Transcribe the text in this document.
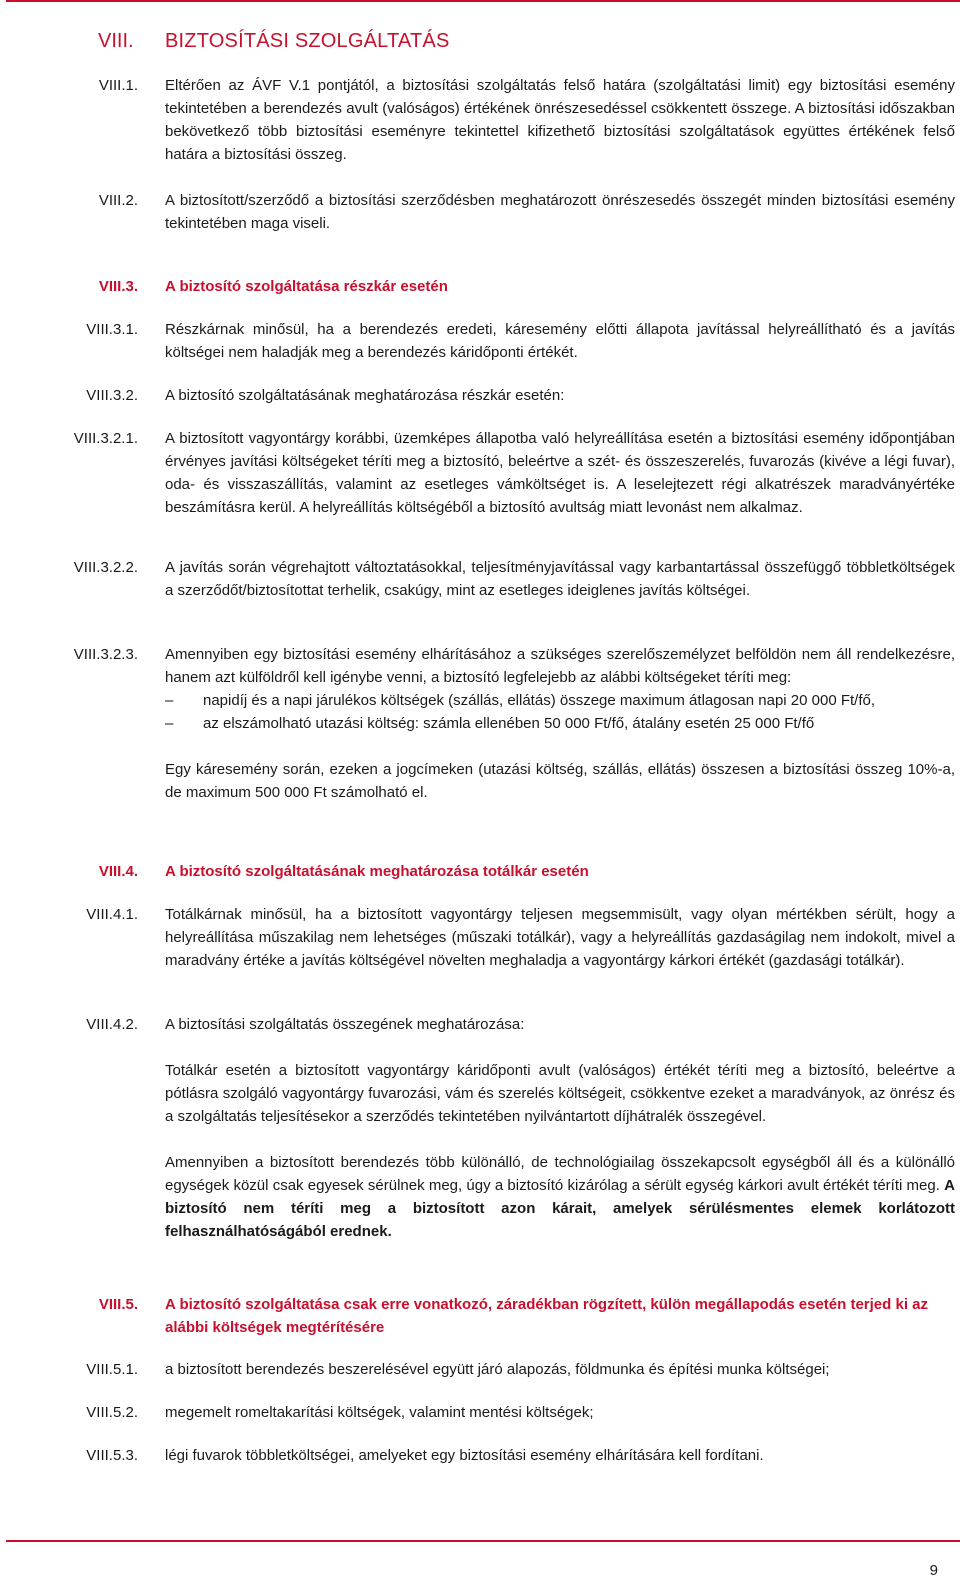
VIII. BIZTOSÍTÁSI SZOLGÁLTATÁS
VIII.1. Eltérően az ÁVF V.1 pontjától, a biztosítási szolgáltatás felső határa (szolgáltatási limit) egy biztosítási esemény tekintetében a berendezés avult (valóságos) értékének önrészesedéssel csökkentett összege. A biztosítási időszakban bekövetkező több biztosítási eseményre tekintettel kifizethető biztosítási szolgáltatások együttes értékének felső határa a biztosítási összeg.
VIII.2. A biztosított/szerződő a biztosítási szerződésben meghatározott önrészesedés összegét minden biztosítási esemény tekintetében maga viseli.
VIII.3. A biztosító szolgáltatása részkár esetén
VIII.3.1. Részkárnak minősül, ha a berendezés eredeti, káresemény előtti állapota javítással helyreállítható és a javítás költségei nem haladják meg a berendezés káridőponti értékét.
VIII.3.2. A biztosító szolgáltatásának meghatározása részkár esetén:
VIII.3.2.1. A biztosított vagyontárgy korábbi, üzemképes állapotba való helyreállítása esetén a biztosítási esemény időpontjában érvényes javítási költségeket téríti meg a biztosító, beleértve a szét- és összeszerelés, fuvarozás (kivéve a légi fuvar), oda- és visszaszállítás, valamint az esetleges vámköltséget is. A leselejtezett régi alkatrészek maradványértéke beszámításra kerül. A helyreállítás költségéből a biztosító avultság miatt levonást nem alkalmaz.
VIII.3.2.2. A javítás során végrehajtott változtatásokkal, teljesítményjavítással vagy karbantartással összefüggő többletköltségek a szerződőt/biztosítottat terhelik, csakúgy, mint az esetleges ideiglenes javítás költségei.
VIII.3.2.3. Amennyiben egy biztosítási esemény elhárításához a szükséges szerelőszemélyzet belföldön nem áll rendelkezésre, hanem azt külföldről kell igénybe venni, a biztosító legfelejebb az alábbi költségeket téríti meg:

–	napidíj és a napi járulékos költségek (szállás, ellátás) összege maximum átlagosan napi 20 000 Ft/fő,
–	az elszámolható utazási költség: számla ellenében 50 000 Ft/fő, átalány esetén 25 000 Ft/fő

Egy káresemény során, ezeken a jogcímeken (utazási költség, szállás, ellátás) összesen a biztosítási összeg 10%-a, de maximum 500 000 Ft számolható el.

VIII.4. A biztosító szolgáltatásának meghatározása totálkár esetén
VIII.4.1. Totálkárnak minősül, ha a biztosított vagyontárgy teljesen megsemmisült, vagy olyan mértékben sérült, hogy a helyreállítása műszakilag nem lehetséges (műszaki totálkár), vagy a helyreállítás gazdaságilag nem indokolt, mivel a maradvány értéke a javítás költségével növelten meghaladja a vagyontárgy kárkori értékét (gazdasági totálkár).
VIII.4.2. A biztosítási szolgáltatás összegének meghatározása:

Totálkár esetén a biztosított vagyontárgy káridőponti avult (valóságos) értékét téríti meg a biztosító, beleértve a pótlásra szolgáló vagyontárgy fuvarozási, vám és szerelés költségeit, csökkentve ezeket a maradványok, az önrész és a szolgáltatás teljesítésekor a szerződés tekintetében nyilvántartott díjhátralék összegével.

Amennyiben a biztosított berendezés több különálló, de technológiailag összekapcsolt egységből áll és a különálló egységek közül csak egyesek sérülnek meg, úgy a biztosító kizárólag a sérült egység kárkori avult értékét téríti meg. A biztosító nem téríti meg a biztosított azon kárait, amelyek sérülésmentes elemek korlátozott felhasználhatóságából erednek.

VIII.5. A biztosító szolgáltatása csak erre vonatkozó, záradékban rögzített, külön megállapodás esetén terjed ki az alábbi költségek megtérítésére
VIII.5.1. a biztosított berendezés beszerelésével együtt járó alapozás, földmunka és építési munka költségei;
VIII.5.2. megemelt romeltakarítási költségek, valamint mentési költségek;
VIII.5.3. légi fuvarok többletköltségei, amelyeket egy biztosítási esemény elhárítására kell fordítani.
9
